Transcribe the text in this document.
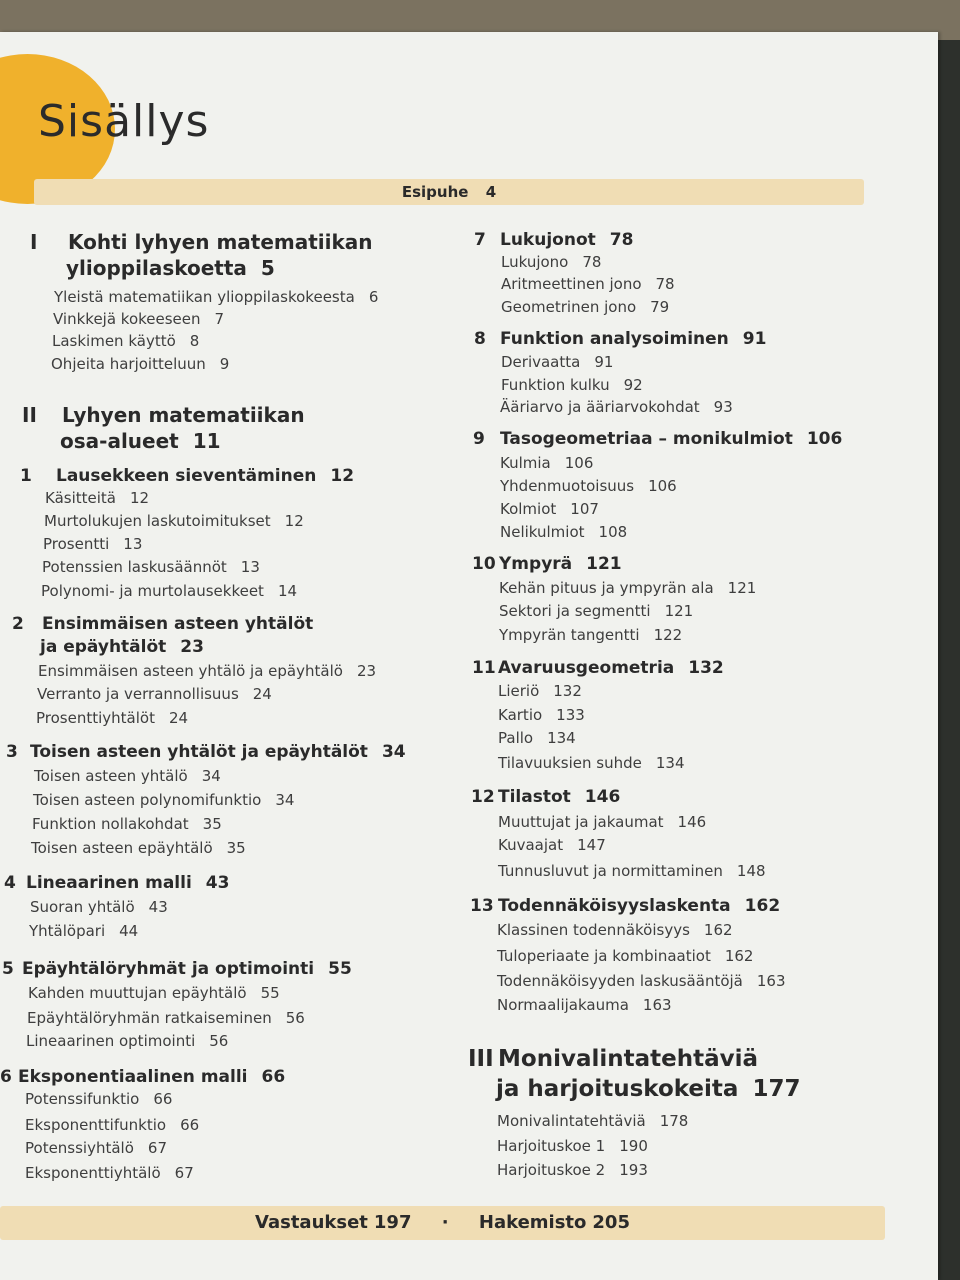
Sisällys
Esipuhe 4
I Kohti lyhyen matematiikan
ylioppilaskoetta 5
Yleistä matematiikan ylioppilaskokeesta 6
Vinkkejä kokeeseen 7
Laskimen käyttö 8
Ohjeita harjoitteluun 9
II Lyhyen matematiikan
osa-alueet 11
1 Lausekkeen sieventäminen 12
Käsitteitä 12
Murtolukujen laskutoimitukset 12
Prosentti 13
Potenssien laskusäännöt 13
Polynomi- ja murtolausekkeet 14
2 Ensimmäisen asteen yhtälöt
ja epäyhtälöt 23
Ensimmäisen asteen yhtälö ja epäyhtälö 23
Verranto ja verrannollisuus 24
Prosenttiyhtälöt 24
3 Toisen asteen yhtälöt ja epäyhtälöt 34
Toisen asteen yhtälö 34
Toisen asteen polynomifunktio 34
Funktion nollakohdat 35
Toisen asteen epäyhtälö 35
4 Lineaarinen malli 43
Suoran yhtälö 43
Yhtälöpari 44
5 Epäyhtälöryhmät ja optimointi 55
Kahden muuttujan epäyhtälö 55
Epäyhtälöryhmän ratkaiseminen 56
Lineaarinen optimointi 56
6 Eksponentiaalinen malli 66
Potenssifunktio 66
Eksponenttifunktio 66
Potenssiyhtälö 67
Eksponenttiyhtälö 67
7 Lukujonot 78
Lukujono 78
Aritmeettinen jono 78
Geometrinen jono 79
8 Funktion analysoiminen 91
Derivaatta 91
Funktion kulku 92
Ääriarvo ja ääriarvokohdat 93
9 Tasogeometriaa – monikulmiot 106
Kulmia 106
Yhdenmuotoisuus 106
Kolmiot 107
Nelikulmiot 108
10 Ympyrä 121
Kehän pituus ja ympyrän ala 121
Sektori ja segmentti 121
Ympyrän tangentti 122
11 Avaruusgeometria 132
Lieriö 132
Kartio 133
Pallo 134
Tilavuuksien suhde 134
12 Tilastot 146
Muuttujat ja jakaumat 146
Kuvaajat 147
Tunnusluvut ja normittaminen 148
13 Todennäköisyyslaskenta 162
Klassinen todennäköisyys 162
Tuloperiaate ja kombinaatiot 162
Todennäköisyyden laskusääntöjä 163
Normaalijakauma 163
III Monivalintatehtäviä
ja harjoituskokeita 177
Monivalintatehtäviä 178
Harjoituskoe 1 190
Harjoituskoe 2 193
Vastaukset 197 · Hakemisto 205
